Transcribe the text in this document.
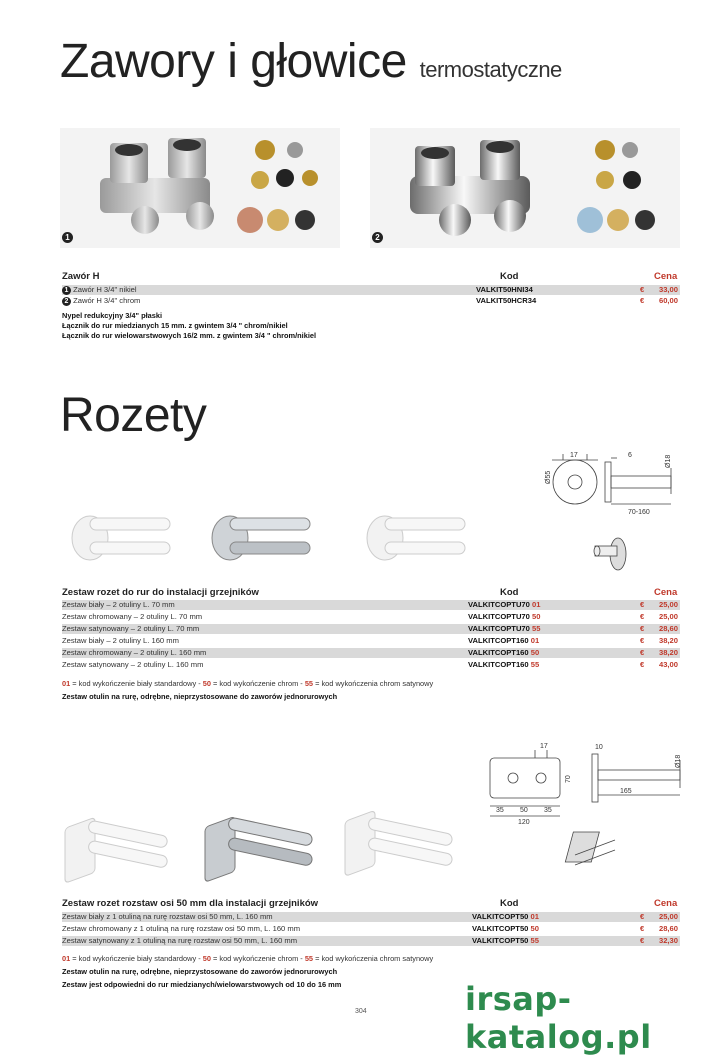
Zawory i głowice termostatyczne
1	2
Zawór H	Kod	Cena
1 Zawór H 3/4" nikiel	VALKIT50HNI34	€ 33,00
2 Zawór H 3/4" chrom	VALKIT50HCR34	€ 60,00
Nypel redukcyjny 3/4" płaski
Łącznik do rur miedzianych 15 mm. z gwintem 3/4 " chrom/nikiel
Łącznik do rur wielowarstwowych 16/2 mm. z gwintem 3/4 " chrom/nikiel
Rozety
17	6	Ø18
Ø55
70-160
Zestaw rozet do rur do instalacji grzejników	Kod	Cena
Zestaw biały – 2 otuliny L. 70 mm	VALKITCOPTU70 01	€ 25,00
Zestaw chromowany – 2 otuliny L. 70 mm	VALKITCOPTU70 50	€ 25,00
Zestaw satynowany – 2 otuliny L. 70 mm	VALKITCOPTU70 55	€ 28,60
Zestaw biały – 2 otuliny L. 160 mm	VALKITCOPT160 01	€ 38,20
Zestaw chromowany – 2 otuliny L. 160 mm	VALKITCOPT160 50	€ 38,20
Zestaw satynowany – 2 otuliny L. 160 mm	VALKITCOPT160 55	€ 43,00
01 = kod wykończenie biały standardowy - 50 = kod wykończenie chrom - 55 = kod wykończenia chrom satynowy
Zestaw otulin na rurę, odrębne, nieprzystosowane do zaworów jednorurowych
17	10
Ø18
70
35 50 35
120
165
Zestaw rozet rozstaw osi 50 mm dla instalacji grzejników	Kod	Cena
Zestaw biały z 1 otuliną na rurę rozstaw osi 50 mm, L. 160 mm	VALKITCOPT50 01	€ 25,00
Zestaw chromowany z 1 otuliną na rurę rozstaw osi 50 mm, L. 160 mm	VALKITCOPT50 50	€ 28,60
Zestaw satynowany z 1 otuliną na rurę rozstaw osi 50 mm, L. 160 mm	VALKITCOPT50 55	€ 32,30
01 = kod wykończenie biały standardowy - 50 = kod wykończenie chrom - 55 = kod wykończenia chrom satynowy
Zestaw otulin na rurę, odrębne, nieprzystosowane do zaworów jednorurowych
Zestaw jest odpowiedni do rur miedzianych/wielowarstwowych od 10 do 16 mm	irsap-katalog.pl
304
